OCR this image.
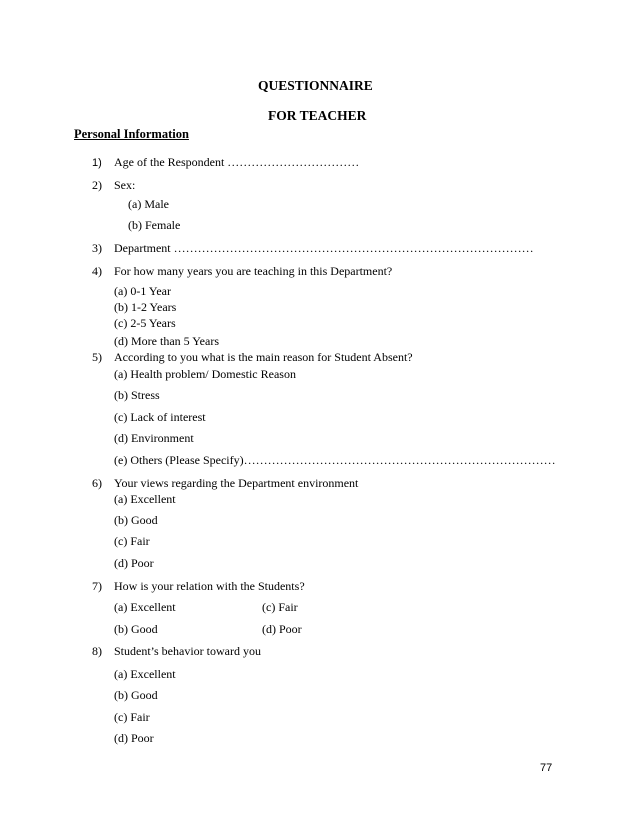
QUESTIONNAIRE
FOR TEACHER
Personal Information
1) Age of the Respondent ……………………………
2) Sex:
(a) Male
(b) Female
3) Department ………………………………………………………………………………
4) For how many years you are teaching in this Department?
(a) 0-1 Year
(b) 1-2 Years
(c) 2-5 Years
(d) More than 5 Years
5) According to you what is the main reason for Student Absent?
(a) Health problem/ Domestic Reason
(b) Stress
(c) Lack of interest
(d) Environment
(e) Others (Please Specify)……………………………………………………………………
6) Your views regarding the Department environment
(a) Excellent
(b) Good
(c) Fair
(d) Poor
7) How is your relation with the Students?
(a) Excellent	(c) Fair
(b) Good	(d) Poor
8) Student’s behavior toward you
(a) Excellent
(b) Good
(c) Fair
(d) Poor
77
